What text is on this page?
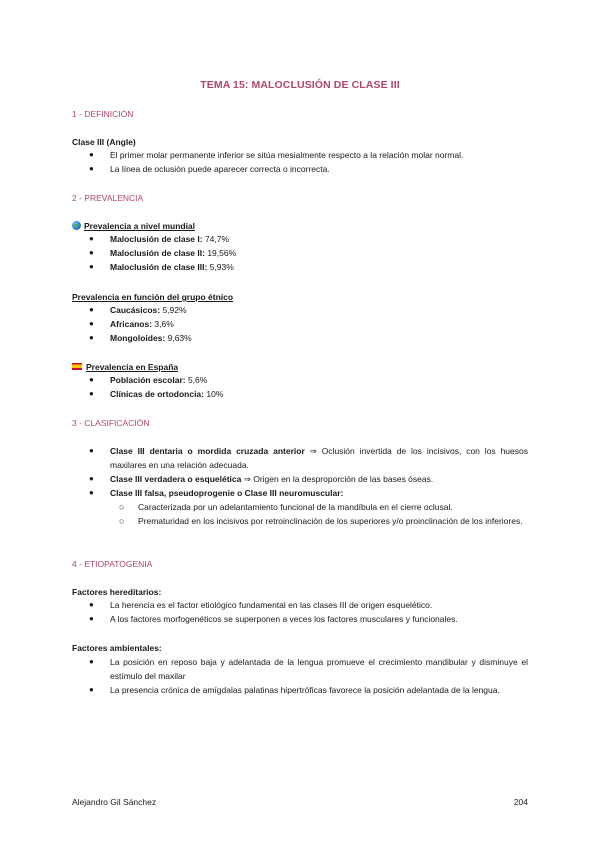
TEMA 15: MALOCLUSIÓN DE CLASE III
1 - DEFINICIÓN
Clase III (Angle)
● El primer molar permanente inferior se sitúa mesialmente respecto a la relación molar normal.
● La línea de oclusión puede aparecer correcta o incorrecta.
2 - PREVALENCIA
Prevalencia a nivel mundial
● Maloclusión de clase I: 74,7%
● Maloclusión de clase II: 19,56%
● Maloclusión de clase III: 5,93%
Prevalencia en función del grupo étnico
● Caucásicos: 5,92%
● Africanos: 3,6%
● Mongoloides: 9,63%
Prevalencia en España
● Población escolar: 5,6%
● Clínicas de ortodoncia: 10%
3 - CLASIFICACIÓN
● Clase III dentaria o mordida cruzada anterior ⇒ Oclusión invertida de los incisivos, con los huesos maxilares en una relación adecuada.
● Clase III verdadera o esquelética ⇒ Origen en la desproporción de las bases óseas.
● Clase III falsa, pseudoprogenie o Clase III neuromuscular:
○ Caracterizada por un adelantamiento funcional de la mandíbula en el cierre oclusal.
○ Prematuridad en los incisivos por retroinclinación de los superiores y/o proinclinación de los inferiores.
4 - ETIOPATOGENIA
Factores hereditarios:
● La herencia es el factor etiológico fundamental en las clases III de origen esquelético.
● A los factores morfogenéticos se superponen a veces los factores musculares y funcionales.
Factores ambientales:
● La posición en reposo baja y adelantada de la lengua promueve el crecimiento mandibular y disminuye el estímulo del maxilar
● La presencia crónica de amígdalas palatinas hipertróficas favorece la posición adelantada de la lengua.
Alejandro Gil Sánchez	204
